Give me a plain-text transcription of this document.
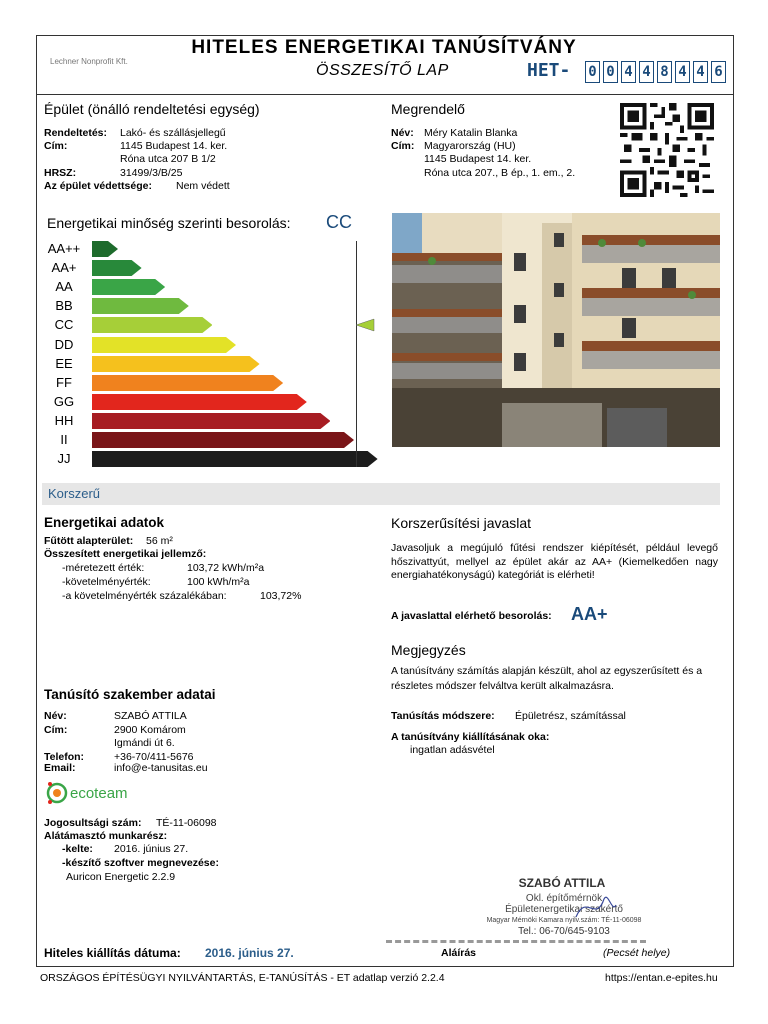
Lechner Nonprofit Kft.
HITELES ENERGETIKAI TANÚSÍTVÁNY
ÖSSZESÍTŐ LAP	HET- 0 0 4 4 8 4 4 6
Épület (önálló rendeltetési egység)
Rendeltetés: Lakó- és szállásjellegű
Cím:	1145 Budapest 14. ker.
Róna utca 207 B 1/2
HRSZ:	31499/3/B/25
Az épület védettsége: Nem védett
Megrendelő
Név: Méry Katalin Blanka
Cím: Magyarország (HU)
1145 Budapest 14. ker.
Róna utca 207., B ép., 1. em., 2.
Energetikai minőség szerinti besorolás: CC
AA++
AA+
AA
BB
CC
DD
EE
FF
GG
HH
II
JJ
Korszerű
Energetikai adatok
Fűtött alapterület: 56 m²
Összesített energetikai jellemző:
-méretezett érték:	103,72 kWh/m²a
-követelményérték:	100 kWh/m²a
-a követelményérték százalékában:	103,72%
Korszerűsítési javaslat
Javasoljuk a megújuló fűtési rendszer kiépítését, például levegő hőszivattyút, mellyel az épület akár az AA+ (Kiemelkedően nagy energiahatékonyságú) kategóriát is elérheti!
A javaslattal elérhető besorolás: AA+
Megjegyzés
A tanúsítvány számítás alapján készült, ahol az egyszerűsített és a részletes módszer felváltva került alkalmazásra.
Tanúsítás módszere: Épületrész, számítással
A tanúsítvány kiállításának oka:
ingatlan adásvétel
Tanúsító szakember adatai
Név:	SZABÓ ATTILA
Cím:	2900 Komárom
Igmándi út 6.
Telefon:	+36-70/411-5676
Email:	info@e-tanusitas.eu
ecoteam
Jogosultsági szám: TÉ-11-06098
Alátámasztó munkarész:
-kelte: 2016. június 27.
-készítő szoftver megnevezése:
Auricon Energetic 2.2.9	SZABÓ ATTILA
Okl. építőmérnök
Épületenergetikai szakértő
Magyar Mérnöki Kamara nyilv.szám: TÉ-11-06098
Tel.: 06-70/645-9103
Hiteles kiállítás dátuma: 2016. június 27.	Aláírás	(Pecsét helye)
ORSZÁGOS ÉPÍTÉSÜGYI NYILVÁNTARTÁS, E-TANÚSÍTÁS - ET adatlap verzió 2.2.4	https://entan.e-epites.hu
